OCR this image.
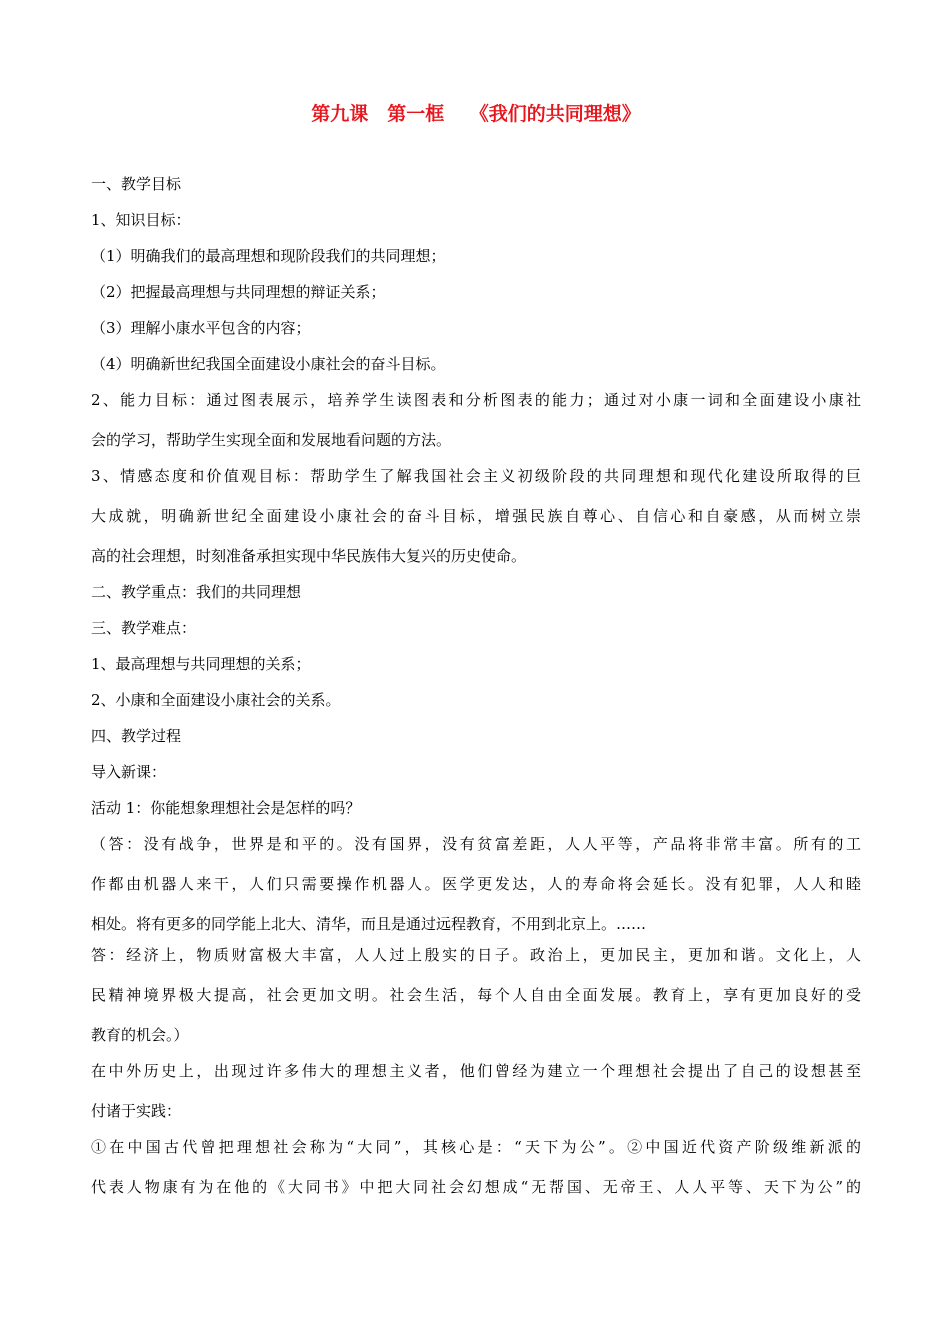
第九课　第一框　 《我们的共同理想》
一、教学目标
1、知识目标：
（1）明确我们的最高理想和现阶段我们的共同理想；
（2）把握最高理想与共同理想的辩证关系；
（3）理解小康水平包含的内容；
（4）明确新世纪我国全面建设小康社会的奋斗目标。
2、能力目标：通过图表展示，培养学生读图表和分析图表的能力；通过对小康一词和全面建设小康社
会的学习，帮助学生实现全面和发展地看问题的方法。
3、情感态度和价值观目标：帮助学生了解我国社会主义初级阶段的共同理想和现代化建设所取得的巨
大成就，明确新世纪全面建设小康社会的奋斗目标，增强民族自尊心、自信心和自豪感，从而树立崇
高的社会理想，时刻准备承担实现中华民族伟大复兴的历史使命。
二、教学重点：我们的共同理想
三、教学难点：
1、最高理想与共同理想的关系；
2、小康和全面建设小康社会的关系。
四、教学过程
导入新课：
活动 1：你能想象理想社会是怎样的吗？
（答：没有战争，世界是和平的。没有国界，没有贫富差距，人人平等，产品将非常丰富。所有的工
作都由机器人来干，人们只需要操作机器人。医学更发达，人的寿命将会延长。没有犯罪，人人和睦
相处。将有更多的同学能上北大、清华，而且是通过远程教育，不用到北京上。……
答：经济上，物质财富极大丰富，人人过上殷实的日子。政治上，更加民主，更加和谐。文化上，人
民精神境界极大提高，社会更加文明。社会生活，每个人自由全面发展。教育上，享有更加良好的受
教育的机会。）
在中外历史上，出现过许多伟大的理想主义者，他们曾经为建立一个理想社会提出了自己的设想甚至
付诸于实践：
①在中国古代曾把理想社会称为“大同”，其核心是：“天下为公”。②中国近代资产阶级维新派的
代表人物康有为在他的《大同书》中把大同社会幻想成“无帮国、无帝王、人人平等、天下为公”的
